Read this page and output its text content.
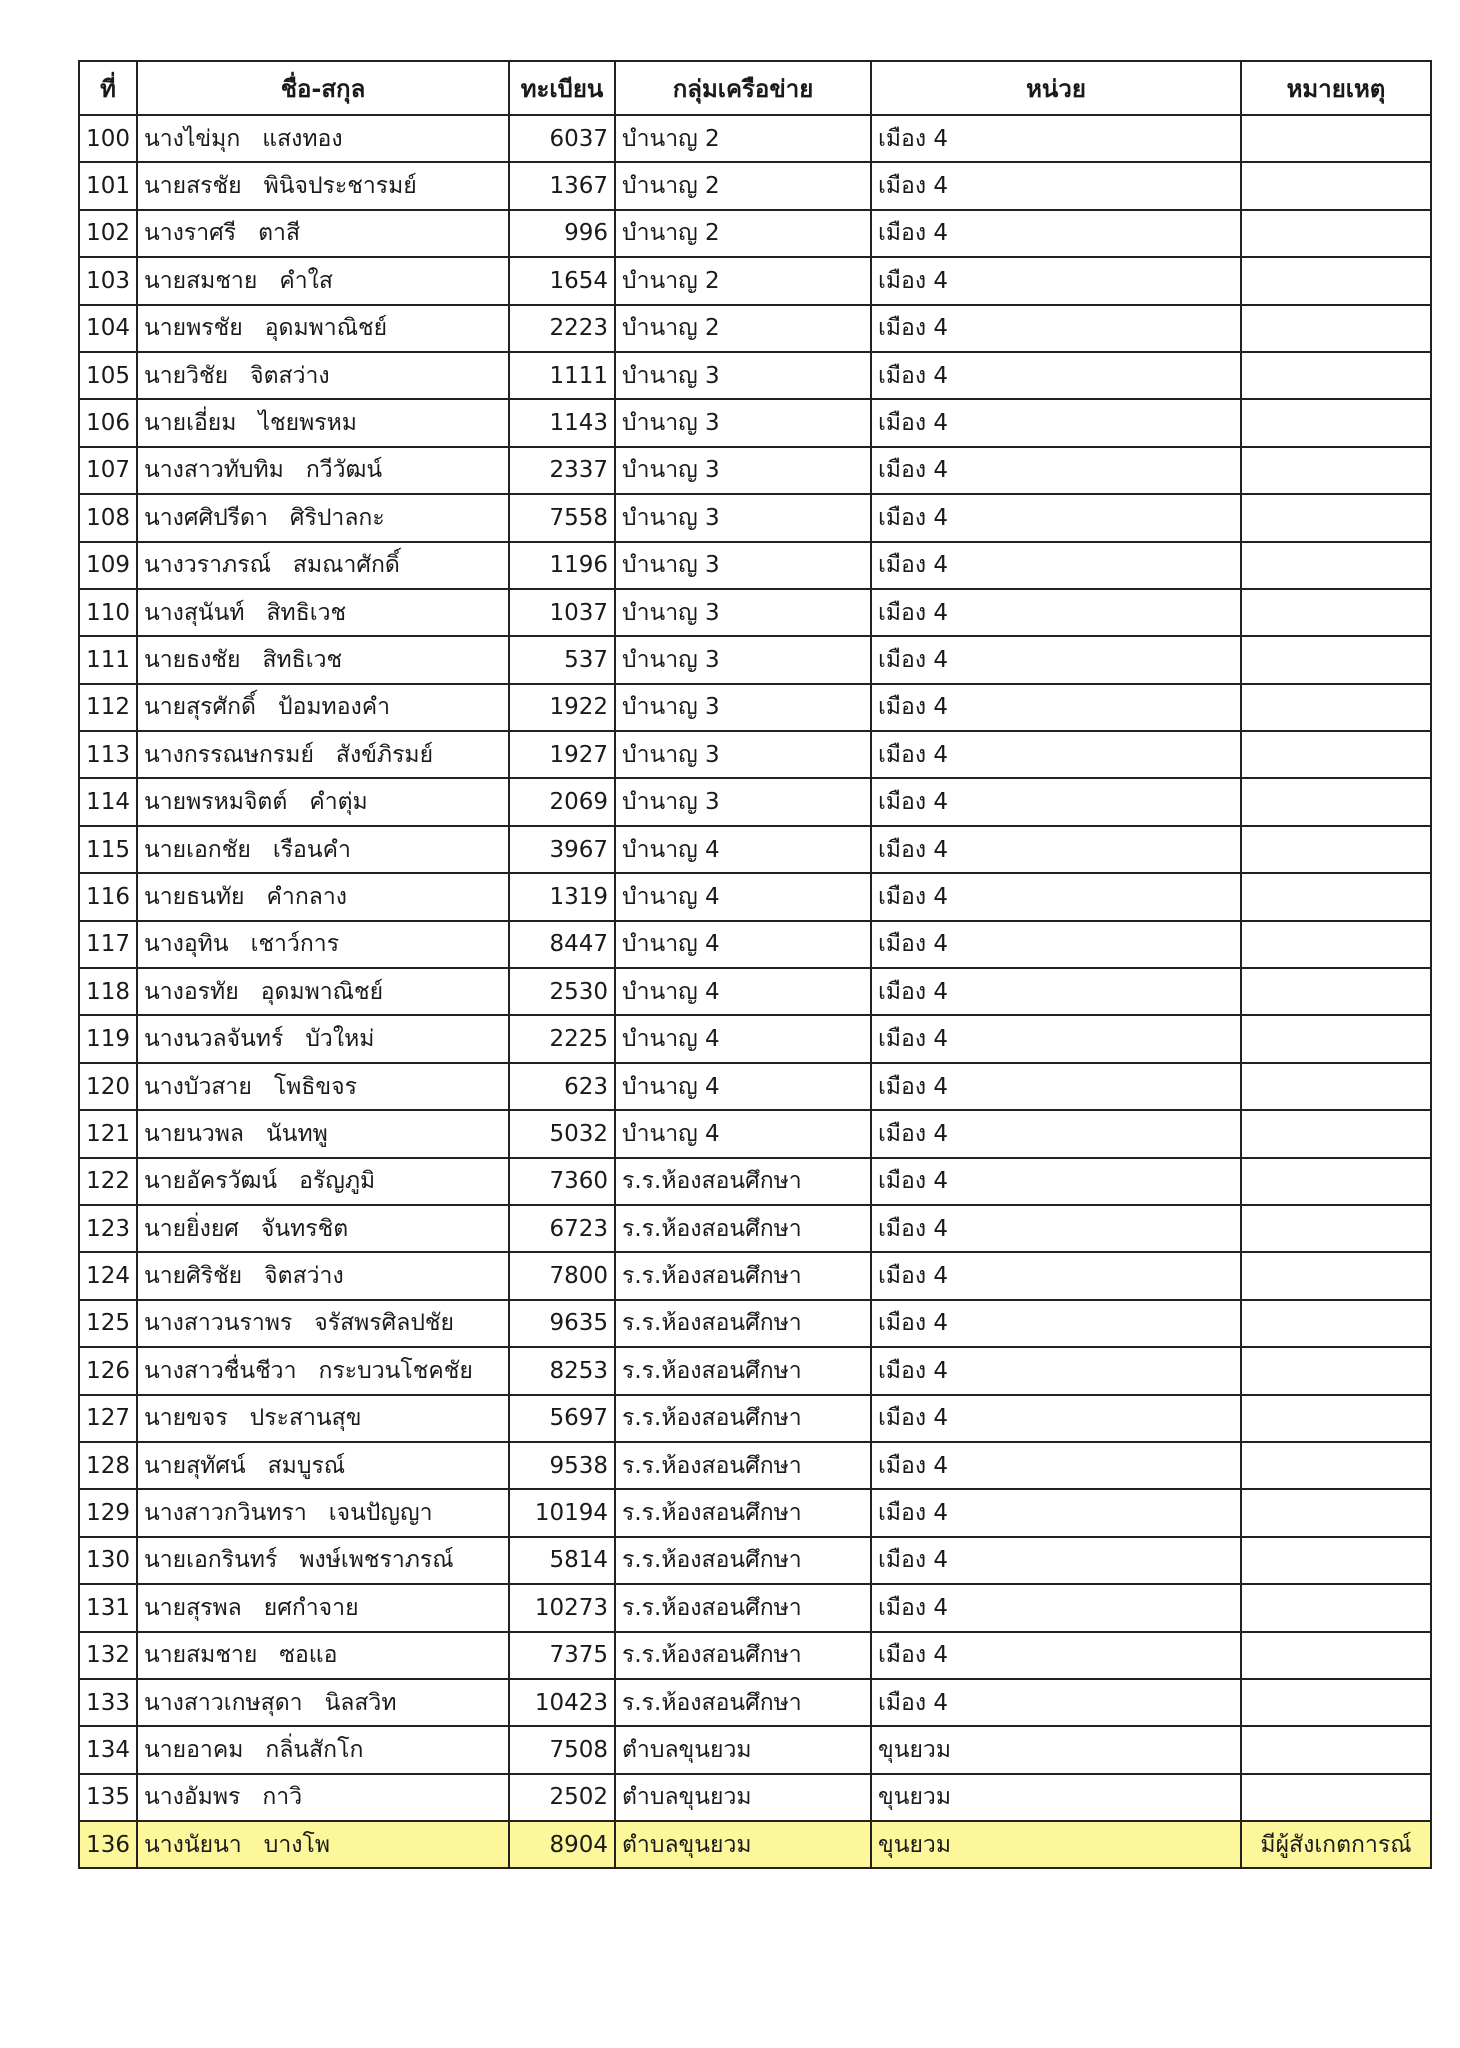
ที่	ชื่อ-สกุล	ทะเบียน	กลุ่มเครือข่าย	หน่วย	หมายเหตุ
100	นางไข่มุก แสงทอง	6037	บำนาญ 2	เมือง 4	
101	นายสรชัย พินิจประชารมย์	1367	บำนาญ 2	เมือง 4	
102	นางราศรี ตาสี	996	บำนาญ 2	เมือง 4	
103	นายสมชาย คำใส	1654	บำนาญ 2	เมือง 4	
104	นายพรชัย อุดมพาณิชย์	2223	บำนาญ 2	เมือง 4	
105	นายวิชัย จิตสว่าง	1111	บำนาญ 3	เมือง 4	
106	นายเอี่ยม ไชยพรหม	1143	บำนาญ 3	เมือง 4	
107	นางสาวทับทิม กวีวัฒน์	2337	บำนาญ 3	เมือง 4	
108	นางศศิปรีดา ศิริปาลกะ	7558	บำนาญ 3	เมือง 4	
109	นางวราภรณ์ สมณาศักดิ์	1196	บำนาญ 3	เมือง 4	
110	นางสุนันท์ สิทธิเวช	1037	บำนาญ 3	เมือง 4	
111	นายธงชัย สิทธิเวช	537	บำนาญ 3	เมือง 4	
112	นายสุรศักดิ์ ป้อมทองคำ	1922	บำนาญ 3	เมือง 4	
113	นางกรรณษกรมย์ สังข์ภิรมย์	1927	บำนาญ 3	เมือง 4	
114	นายพรหมจิตต์ คำตุ่ม	2069	บำนาญ 3	เมือง 4	
115	นายเอกชัย เรือนคำ	3967	บำนาญ 4	เมือง 4	
116	นายธนทัย คำกลาง	1319	บำนาญ 4	เมือง 4	
117	นางอุทิน เชาว์การ	8447	บำนาญ 4	เมือง 4	
118	นางอรทัย อุดมพาณิชย์	2530	บำนาญ 4	เมือง 4	
119	นางนวลจันทร์ บัวใหม่	2225	บำนาญ 4	เมือง 4	
120	นางบัวสาย โพธิขจร	623	บำนาญ 4	เมือง 4	
121	นายนวพล นันทพู	5032	บำนาญ 4	เมือง 4	
122	นายอัครวัฒน์ อรัญภูมิ	7360	ร.ร.ห้องสอนศึกษา	เมือง 4	
123	นายยิ่งยศ จันทรชิต	6723	ร.ร.ห้องสอนศึกษา	เมือง 4	
124	นายศิริชัย จิตสว่าง	7800	ร.ร.ห้องสอนศึกษา	เมือง 4	
125	นางสาวนราพร จรัสพรศิลปชัย	9635	ร.ร.ห้องสอนศึกษา	เมือง 4	
126	นางสาวชื่นชีวา กระบวนโชคชัย	8253	ร.ร.ห้องสอนศึกษา	เมือง 4	
127	นายขจร ประสานสุข	5697	ร.ร.ห้องสอนศึกษา	เมือง 4	
128	นายสุทัศน์ สมบูรณ์	9538	ร.ร.ห้องสอนศึกษา	เมือง 4	
129	นางสาวกวินทรา เจนปัญญา	10194	ร.ร.ห้องสอนศึกษา	เมือง 4	
130	นายเอกรินทร์ พงษ์เพชราภรณ์	5814	ร.ร.ห้องสอนศึกษา	เมือง 4	
131	นายสุรพล ยศกำจาย	10273	ร.ร.ห้องสอนศึกษา	เมือง 4	
132	นายสมชาย ซอแอ	7375	ร.ร.ห้องสอนศึกษา	เมือง 4	
133	นางสาวเกษสุดา นิลสวิท	10423	ร.ร.ห้องสอนศึกษา	เมือง 4	
134	นายอาคม กลิ่นสักโก	7508	ตำบลขุนยวม	ขุนยวม	
135	นางอัมพร กาวิ	2502	ตำบลขุนยวม	ขุนยวม	
136	นางนัยนา บางโพ	8904	ตำบลขุนยวม	ขุนยวม	มีผู้สังเกตการณ์
